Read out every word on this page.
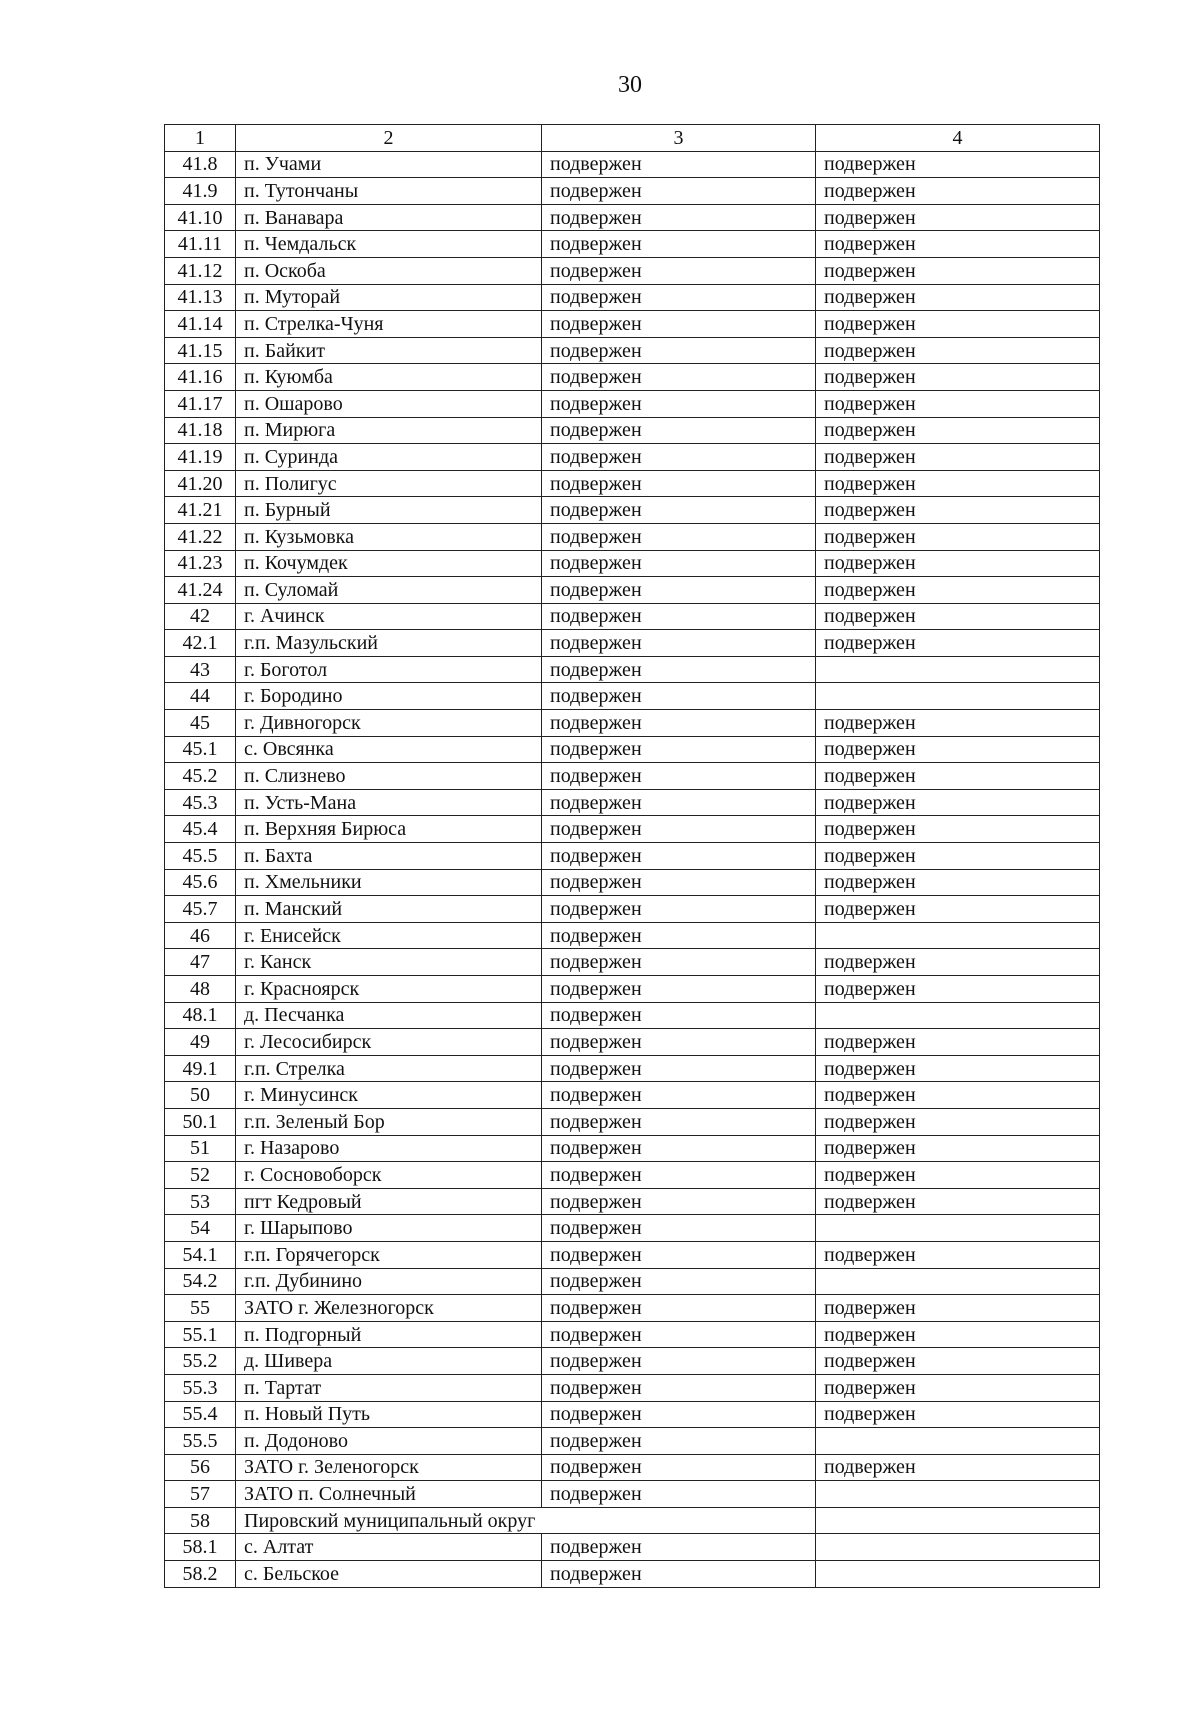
30
1	2	3	4
41.8	п. Учами	подвержен	подвержен
41.9	п. Тутончаны	подвержен	подвержен
41.10	п. Ванавара	подвержен	подвержен
41.11	п. Чемдальск	подвержен	подвержен
41.12	п. Оскоба	подвержен	подвержен
41.13	п. Муторай	подвержен	подвержен
41.14	п. Стрелка-Чуня	подвержен	подвержен
41.15	п. Байкит	подвержен	подвержен
41.16	п. Куюмба	подвержен	подвержен
41.17	п. Ошарово	подвержен	подвержен
41.18	п. Мирюга	подвержен	подвержен
41.19	п. Суринда	подвержен	подвержен
41.20	п. Полигус	подвержен	подвержен
41.21	п. Бурный	подвержен	подвержен
41.22	п. Кузьмовка	подвержен	подвержен
41.23	п. Кочумдек	подвержен	подвержен
41.24	п. Суломай	подвержен	подвержен
42	г. Ачинск	подвержен	подвержен
42.1	г.п. Мазульский	подвержен	подвержен
43	г. Боготол	подвержен	
44	г. Бородино	подвержен	
45	г. Дивногорск	подвержен	подвержен
45.1	с. Овсянка	подвержен	подвержен
45.2	п. Слизнево	подвержен	подвержен
45.3	п. Усть-Мана	подвержен	подвержен
45.4	п. Верхняя Бирюса	подвержен	подвержен
45.5	п. Бахта	подвержен	подвержен
45.6	п. Хмельники	подвержен	подвержен
45.7	п. Манский	подвержен	подвержен
46	г. Енисейск	подвержен	
47	г. Канск	подвержен	подвержен
48	г. Красноярск	подвержен	подвержен
48.1	д. Песчанка	подвержен	
49	г. Лесосибирск	подвержен	подвержен
49.1	г.п. Стрелка	подвержен	подвержен
50	г. Минусинск	подвержен	подвержен
50.1	г.п. Зеленый Бор	подвержен	подвержен
51	г. Назарово	подвержен	подвержен
52	г. Сосновоборск	подвержен	подвержен
53	пгт Кедровый	подвержен	подвержен
54	г. Шарыпово	подвержен	
54.1	г.п. Горячегорск	подвержен	подвержен
54.2	г.п. Дубинино	подвержен	
55	ЗАТО г. Железногорск	подвержен	подвержен
55.1	п. Подгорный	подвержен	подвержен
55.2	д. Шивера	подвержен	подвержен
55.3	п. Тартат	подвержен	подвержен
55.4	п. Новый Путь	подвержен	подвержен
55.5	п. Додоново	подвержен	
56	ЗАТО г. Зеленогорск	подвержен	подвержен
57	ЗАТО п. Солнечный	подвержен	
58	Пировский муниципальный округ		
58.1	с. Алтат	подвержен	
58.2	с. Бельское	подвержен	
